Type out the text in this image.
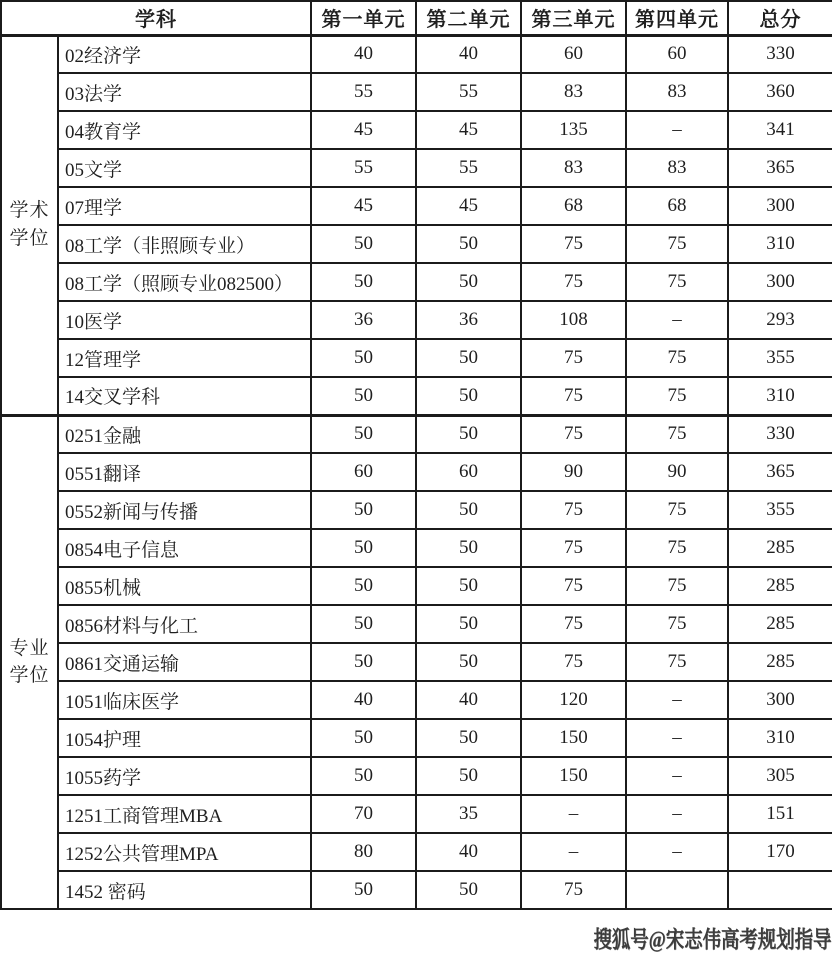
学科		第一单元	第二单元	第三单元	第四单元	总分
学术学位	02经济学	40	40	60	60	330
	03法学	55	55	83	83	360
	04教育学	45	45	135	–	341
	05文学	55	55	83	83	365
	07理学	45	45	68	68	300
	08工学（非照顾专业）	50	50	75	75	310
	08工学（照顾专业082500）	50	50	75	75	300
	10医学	36	36	108	–	293
	12管理学	50	50	75	75	355
	14交叉学科	50	50	75	75	310
专业学位	0251金融	50	50	75	75	330
	0551翻译	60	60	90	90	365
	0552新闻与传播	50	50	75	75	355
	0854电子信息	50	50	75	75	285
	0855机械	50	50	75	75	285
	0856材料与化工	50	50	75	75	285
	0861交通运输	50	50	75	75	285
	1051临床医学	40	40	120	–	300
	1054护理	50	50	150	–	310
	1055药学	50	50	150	–	305
	1251工商管理MBA	70	35	–	–	151
	1252公共管理MPA	80	40	–	–	170
	1452 密码	50	50	75		
搜狐号@宋志伟高考规划指导
